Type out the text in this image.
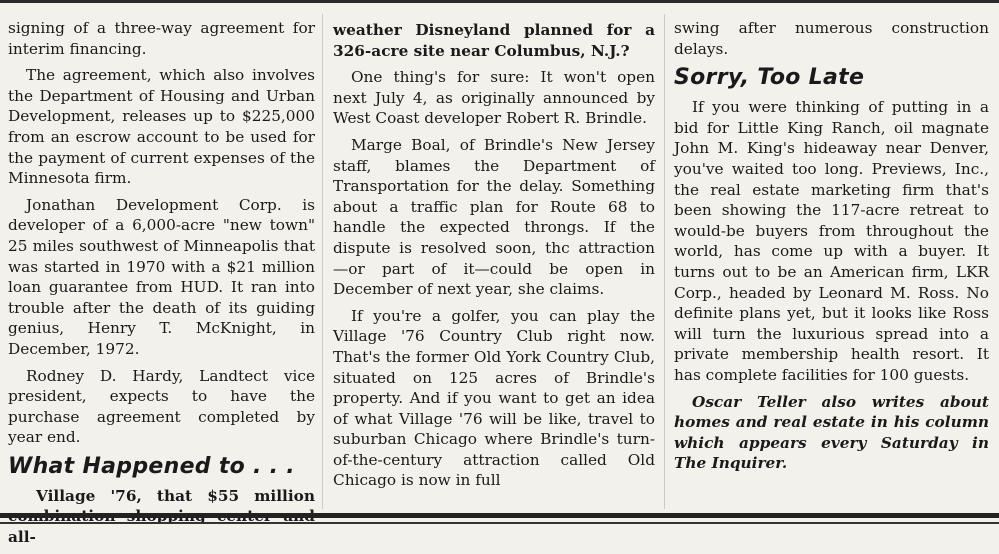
signing of a three-way agreement for interim financing.

The agreement, which also involves the Department of Housing and Urban Development, releases up to $225,000 from an escrow account to be used for the payment of current expenses of the Minnesota firm.

Jonathan Development Corp. is developer of a 6,000-acre "new town" 25 miles southwest of Minneapolis that was started in 1970 with a $21 million loan guarantee from HUD. It ran into trouble after the death of its guiding genius, Henry T. McKnight, in December, 1972.

Rodney D. Hardy, Landtect vice president, expects to have the purchase agreement completed by year end.

What Happened to . . .

Village '76, that $55 million all-

weather Disneyland planned for a 326-acre site near Columbus, N.J.?

One thing's for sure: It won't open next July 4, as originally announced by West Coast developer Robert R. Brindle.

Marge Boal, of Brindle's New Jersey staff, blames the Department of Transportation for the delay. Something about a traffic plan for Route 68 to handle the expected throngs. If the dispute is resolved soon, thc attraction —or part of it—could be open in December of next year, she claims.

If you're a golfer, you can play the Village '76 Country Club right now. That's the former Old York Country Club, situated on 125 acres of Brindle's property. And if you want to get an idea of what Village '76 will be like, travel to suburban Chicago where Brindle's turn-of-the-century attraction called Old Chicago is now in full

swing after numerous construction delays.

Sorry, Too Late

If you were thinking of putting in a bid for Little King Ranch, oil magnate John M. King's hideaway near Denver, you've waited too long. Previews, Inc., the real estate marketing firm that's been showing the 117-acre retreat to would-be buyers from throughout the world, has come up with a buyer. It turns out to be an American firm, LKR Corp., headed by Leonard M. Ross. No definite plans yet, but it looks like Ross will turn the luxurious spread into a private membership health resort. It has complete facilities for 100 guests.

Oscar Teller also writes about homes and real estate in his column which appears every Saturday in The Inquirer.
